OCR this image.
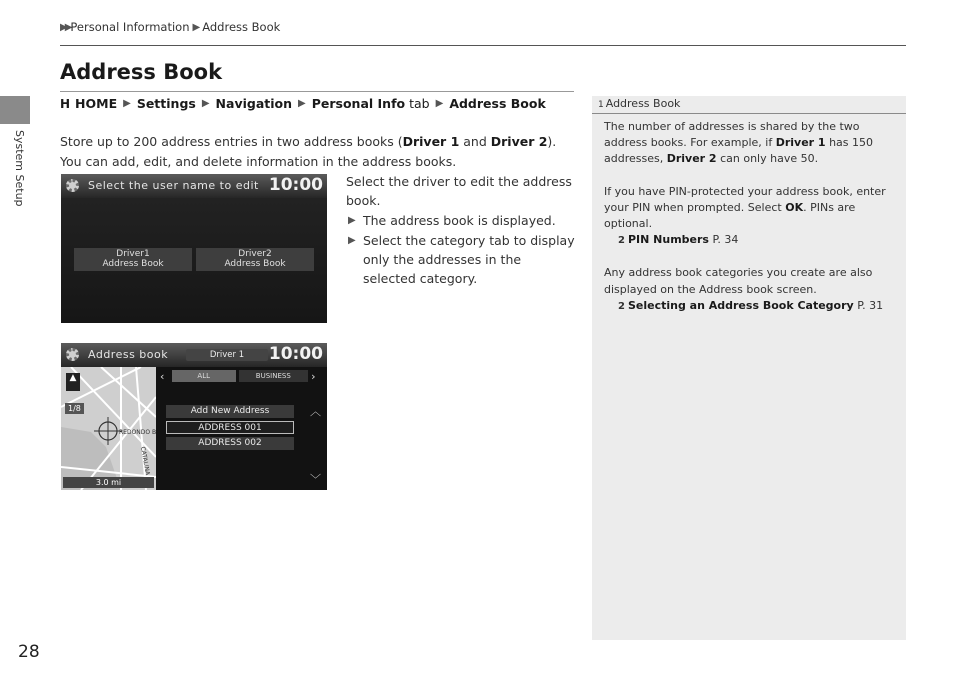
▶▶ Personal Information ▶ Address Book
System Setup
28
Address Book
H HOME ▶ Settings ▶ Navigation ▶ Personal Info tab ▶ Address Book
Store up to 200 address entries in two address books (Driver 1 and Driver 2). You can add, edit, and delete information in the address books.
Select the driver to edit the address book.
▶ The address book is displayed.
▶ Select the category tab to display only the addresses in the selected category.
Select the user name to edit 10:00
Driver1
Address Book
Driver2
Address Book
Address book	Driver 1	10:00
REDONDO B
CATALINA
▲
1/8
3.0 mi
‹	ALL	BUSINESS	›
Add New Address
ADDRESS 001
ADDRESS 002
︿
﹀
1 Address Book
The number of addresses is shared by the two address books. For example, if Driver 1 has 150 addresses, Driver 2 can only have 50.
If you have PIN-protected your address book, enter your PIN when prompted. Select OK. PINs are optional.
2 PIN Numbers P. 34
Any address book categories you create are also displayed on the Address book screen.
2 Selecting an Address Book Category P. 31
